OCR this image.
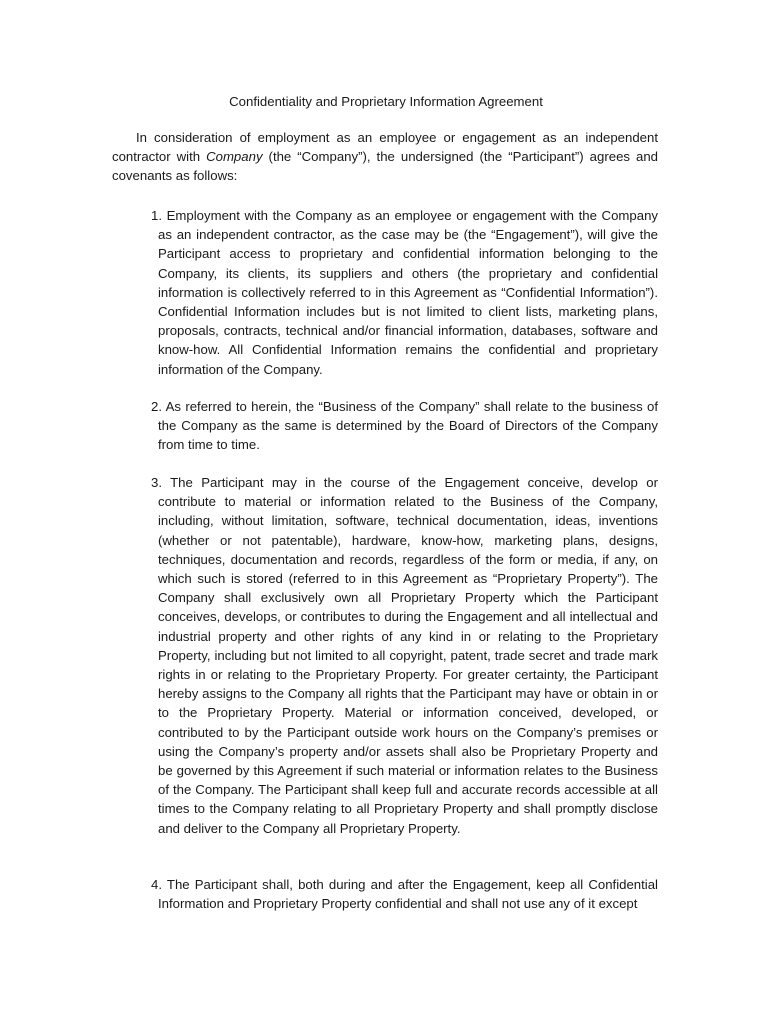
Confidentiality and Proprietary Information Agreement
In consideration of employment as an employee or engagement as an independent contractor with Company (the “Company”), the undersigned (the “Participant”) agrees and covenants as follows:
1. Employment with the Company as an employee or engagement with the Company as an independent contractor, as the case may be (the “Engagement”), will give the Participant access to proprietary and confidential information belonging to the Company, its clients, its suppliers and others (the proprietary and confidential information is collectively referred to in this Agreement as “Confidential Information”). Confidential Information includes but is not limited to client lists, marketing plans, proposals, contracts, technical and/or financial information, databases, software and know-how. All Confidential Information remains the confidential and proprietary information of the Company.
2. As referred to herein, the “Business of the Company” shall relate to the business of the Company as the same is determined by the Board of Directors of the Company from time to time.
3. The Participant may in the course of the Engagement conceive, develop or contribute to material or information related to the Business of the Company, including, without limitation, software, technical documentation, ideas, inventions (whether or not patentable), hardware, know-how, marketing plans, designs, techniques, documentation and records, regardless of the form or media, if any, on which such is stored (referred to in this Agreement as “Proprietary Property”). The Company shall exclusively own all Proprietary Property which the Participant conceives, develops, or contributes to during the Engagement and all intellectual and industrial property and other rights of any kind in or relating to the Proprietary Property, including but not limited to all copyright, patent, trade secret and trade mark rights in or relating to the Proprietary Property. For greater certainty, the Participant hereby assigns to the Company all rights that the Participant may have or obtain in or to the Proprietary Property. Material or information conceived, developed, or contributed to by the Participant outside work hours on the Company’s premises or using the Company’s property and/or assets shall also be Proprietary Property and be governed by this Agreement if such material or information relates to the Business of the Company. The Participant shall keep full and accurate records accessible at all times to the Company relating to all Proprietary Property and shall promptly disclose and deliver to the Company all Proprietary Property.
4. The Participant shall, both during and after the Engagement, keep all Confidential Information and Proprietary Property confidential and shall not use any of it except
